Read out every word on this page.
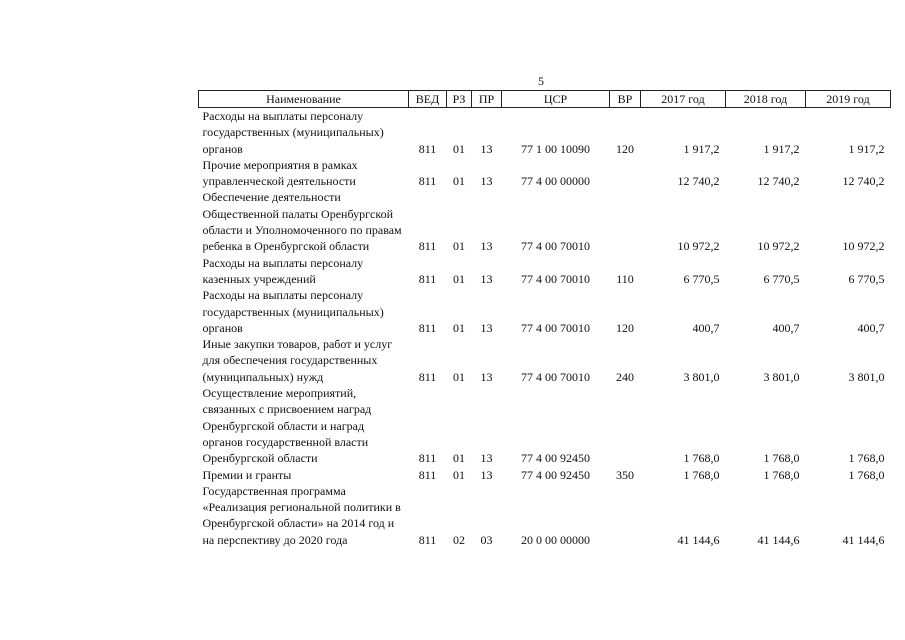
5
Наименование	ВЕД	РЗ	ПР	ЦСР	ВР	2017 год	2018 год	2019 год
Расходы на выплаты персоналу государственных (муниципальных) органов	811	01	13	77 1 00 10090	120	1 917,2	1 917,2	1 917,2
Прочие мероприятия в рамках управленческой деятельности	811	01	13	77 4 00 00000		12 740,2	12 740,2	12 740,2
Обеспечение деятельности Общественной палаты Оренбургской области и Уполномоченного по правам ребенка в Оренбургской области	811	01	13	77 4 00 70010		10 972,2	10 972,2	10 972,2
Расходы на выплаты персоналу казенных учреждений	811	01	13	77 4 00 70010	110	6 770,5	6 770,5	6 770,5
Расходы на выплаты персоналу государственных (муниципальных) органов	811	01	13	77 4 00 70010	120	400,7	400,7	400,7
Иные закупки товаров, работ и услуг для обеспечения государственных (муниципальных) нужд	811	01	13	77 4 00 70010	240	3 801,0	3 801,0	3 801,0
Осуществление мероприятий, связанных с присвоением наград Оренбургской области и наград органов государственной власти Оренбургской области	811	01	13	77 4 00 92450		1 768,0	1 768,0	1 768,0
Премии и гранты	811	01	13	77 4 00 92450	350	1 768,0	1 768,0	1 768,0
Государственная программа «Реализация региональной политики в Оренбургской области» на 2014 год и на перспективу до 2020 года	811	02	03	20 0 00 00000		41 144,6	41 144,6	41 144,6
